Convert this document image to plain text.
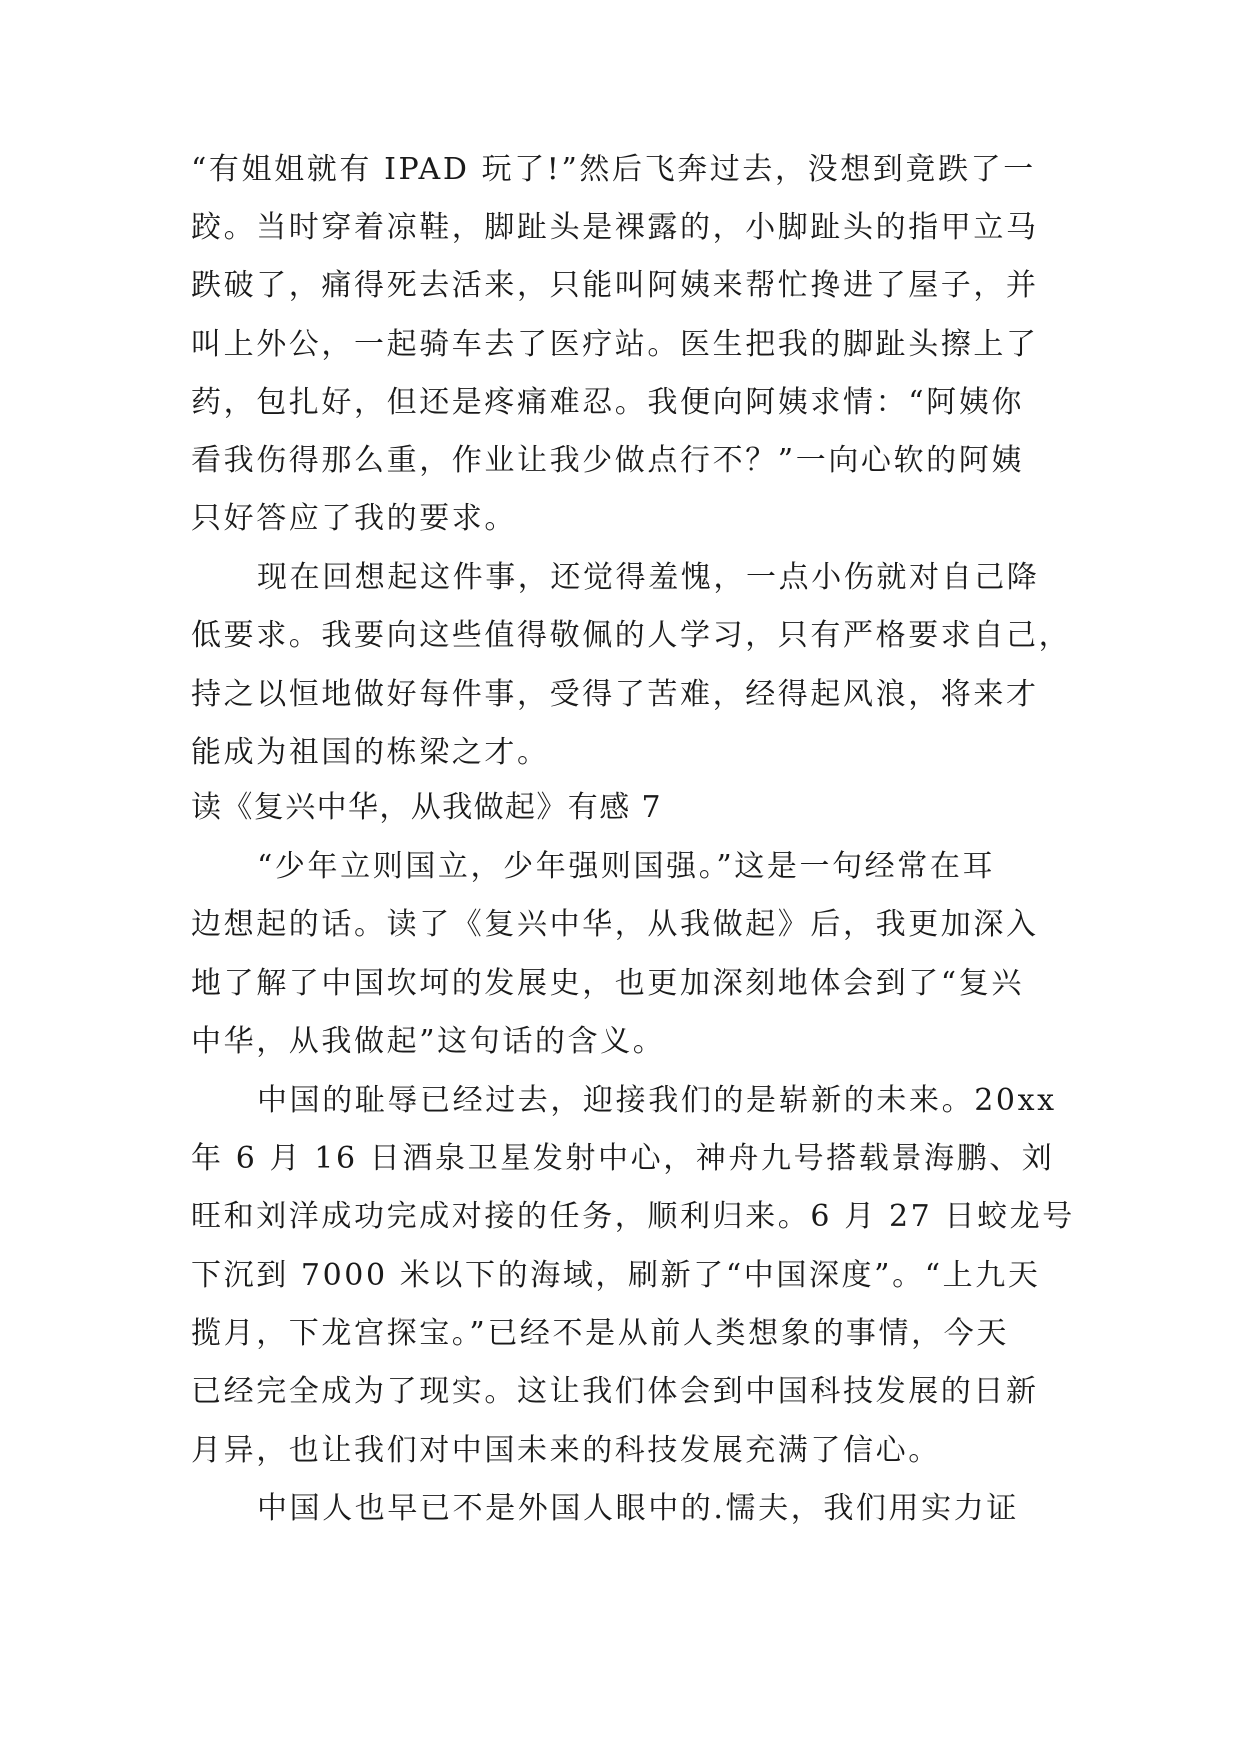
“有姐姐就有 IPAD 玩了!”然后飞奔过去，没想到竟跌了一
跤。当时穿着凉鞋，脚趾头是裸露的，小脚趾头的指甲立马
跌破了，痛得死去活来，只能叫阿姨来帮忙搀进了屋子，并
叫上外公，一起骑车去了医疗站。医生把我的脚趾头擦上了
药，包扎好，但还是疼痛难忍。我便向阿姨求情：“阿姨你
看我伤得那么重，作业让我少做点行不？”一向心软的阿姨
只好答应了我的要求。
现在回想起这件事，还觉得羞愧，一点小伤就对自己降
低要求。我要向这些值得敬佩的人学习，只有严格要求自己，
持之以恒地做好每件事，受得了苦难，经得起风浪，将来才
能成为祖国的栋梁之才。
读《复兴中华，从我做起》有感 7
“少年立则国立，少年强则国强。”这是一句经常在耳
边想起的话。读了《复兴中华，从我做起》后，我更加深入
地了解了中国坎坷的发展史，也更加深刻地体会到了“复兴
中华，从我做起”这句话的含义。
中国的耻辱已经过去，迎接我们的是崭新的未来。20xx
年 6 月 16 日酒泉卫星发射中心，神舟九号搭载景海鹏、刘
旺和刘洋成功完成对接的任务，顺利归来。6 月 27 日蛟龙号
下沉到 7000 米以下的海域，刷新了“中国深度”。“上九天
揽月，下龙宫探宝。”已经不是从前人类想象的事情，今天
已经完全成为了现实。这让我们体会到中国科技发展的日新
月异，也让我们对中国未来的科技发展充满了信心。
中国人也早已不是外国人眼中的.懦夫，我们用实力证
